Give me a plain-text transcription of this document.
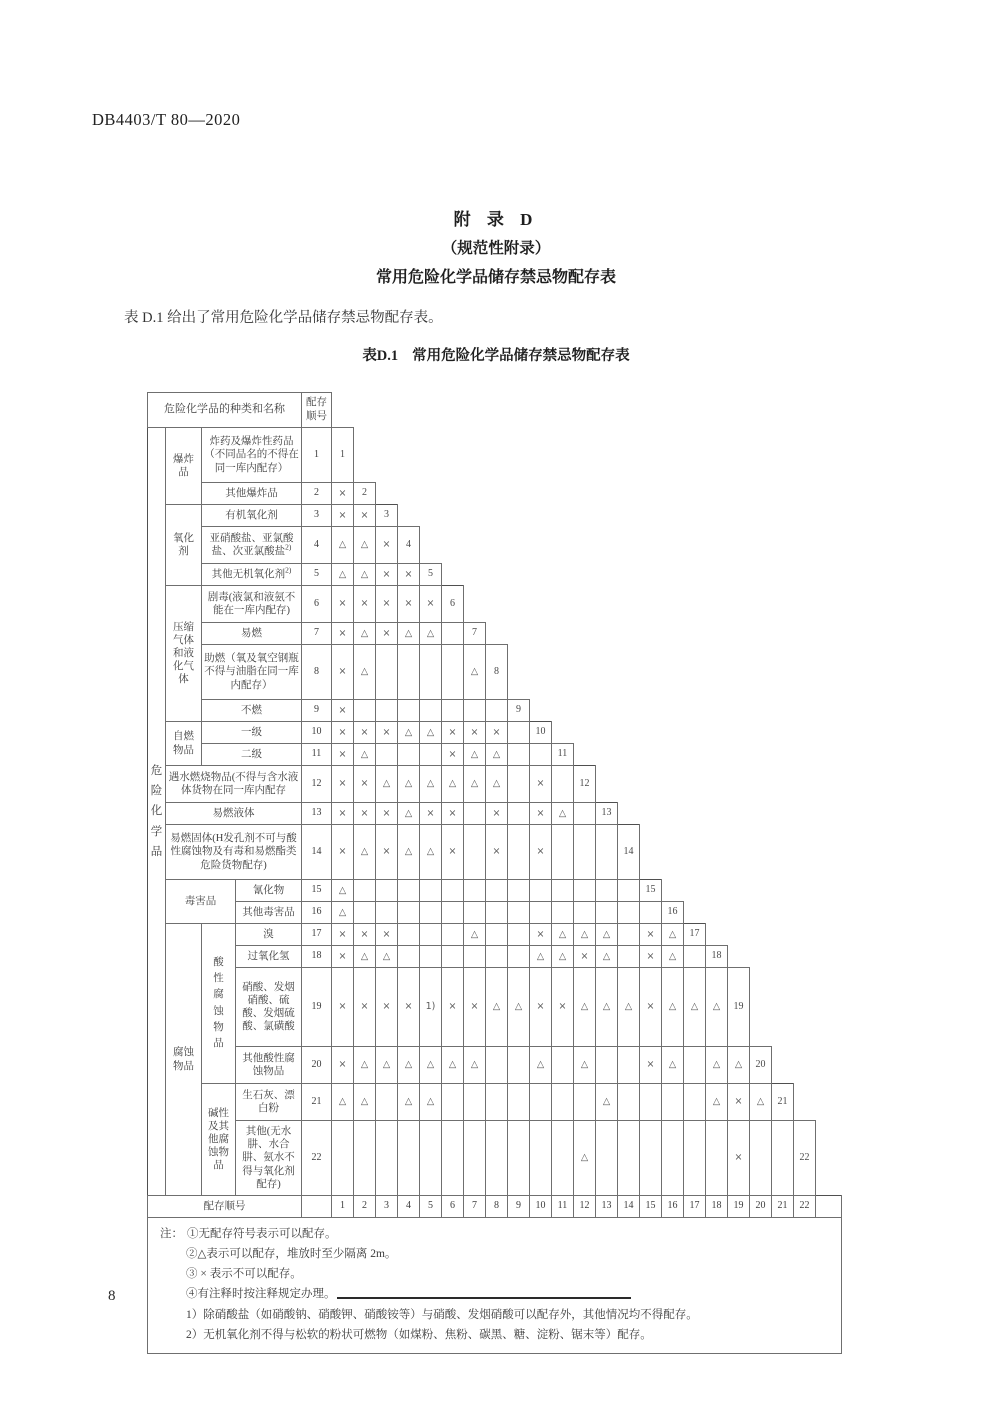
DB4403/T 80—2020
附 录 D
（规范性附录）
常用危险化学品储存禁忌物配存表
表 D.1 给出了常用危险化学品储存禁忌物配存表。
表D.1 常用危险化学品储存禁忌物配存表
危险化学品的种类和名称				配存顺号																							

危
险
化
学
品	爆炸品	炸药及爆炸性药品（不同品名的不得在同一库内配存）		1	1																						
		其他爆炸品		2	×	2																					
	氧化剂	有机氧化剂		3	×	×	3																				
		亚硝酸盐、亚氯酸盐、次亚氯酸盐$^{2)}$		4	△	△	×	4																			
		其他无机氧化剂$^{2)}$		5	△	△	×	×	5																		
	压缩气体和液化气体	剧毒(液氯和液氨不能在一库内配存)		6	×	×	×	×	×	6																	
		易燃		7	×	△	×	△	△		7																
		助燃（氧及氧空钢瓶不得与油脂在同一库内配存）		8	×	△					△	8															
		不燃		9	×								9														
	自燃物品	一级		10	×	×	×	△	△	×	×	×		10													
		二级		11	×	△				×	△	△			11												
	遇水燃烧物品(不得与含水液体货物在同一库内配存			12	×	×	△	△	△	△	△	△		×		12											
	易燃液体			13	×	×	×	△	×	×		×		×	△		13										
	易燃固体(H发孔剂不可与酸性腐蚀物及有毒和易燃酯类危险货物配存)			14	×	△	×	△	△	×		×		×				14									
	毒害品		氰化物	15	△														15								
			其他毒害品	16	△															16							
	腐蚀物品	酸性腐蚀物品	溴	17	×	×	×				△			×	△	△	△		×	△	17						
			过氧化氢	18	×	△	△							△	△	×	△		×	△		18					
			硝酸、发烟硝酸、硫酸、发烟硫酸、氯磺酸	19	×	×	×	×	1)	×	×	△	△	×	×	△	△	△	×	△	△	△	19				
			其他酸性腐蚀物品	20	×	△	△	△	△	△	△			△		△			×	△		△	△	20			
		碱性及其他腐蚀物品	生石灰、漂白粉	21	△	△		△	△								△					△	×	△	21		
			其他(无水肼、水合肼、氨水不得与氧化剂配存)	22												△							×			22	
配存顺号					1	2	3	4	5	6	7	8	9	10	11	12	13	14	15	16	17	18	19	20	21	22	

注： ①无配存符号表示可以配存。
②△表示可以配存，堆放时至少隔离 2m。
③ × 表示不可以配存。
④有注释时按注释规定办理。
1）除硝酸盐（如硝酸钠、硝酸钾、硝酸铵等）与硝酸、发烟硝酸可以配存外，其他情况均不得配存。
2）无机氧化剂不得与松软的粉状可燃物（如煤粉、焦粉、碳黑、糖、淀粉、锯末等）配存。
8
